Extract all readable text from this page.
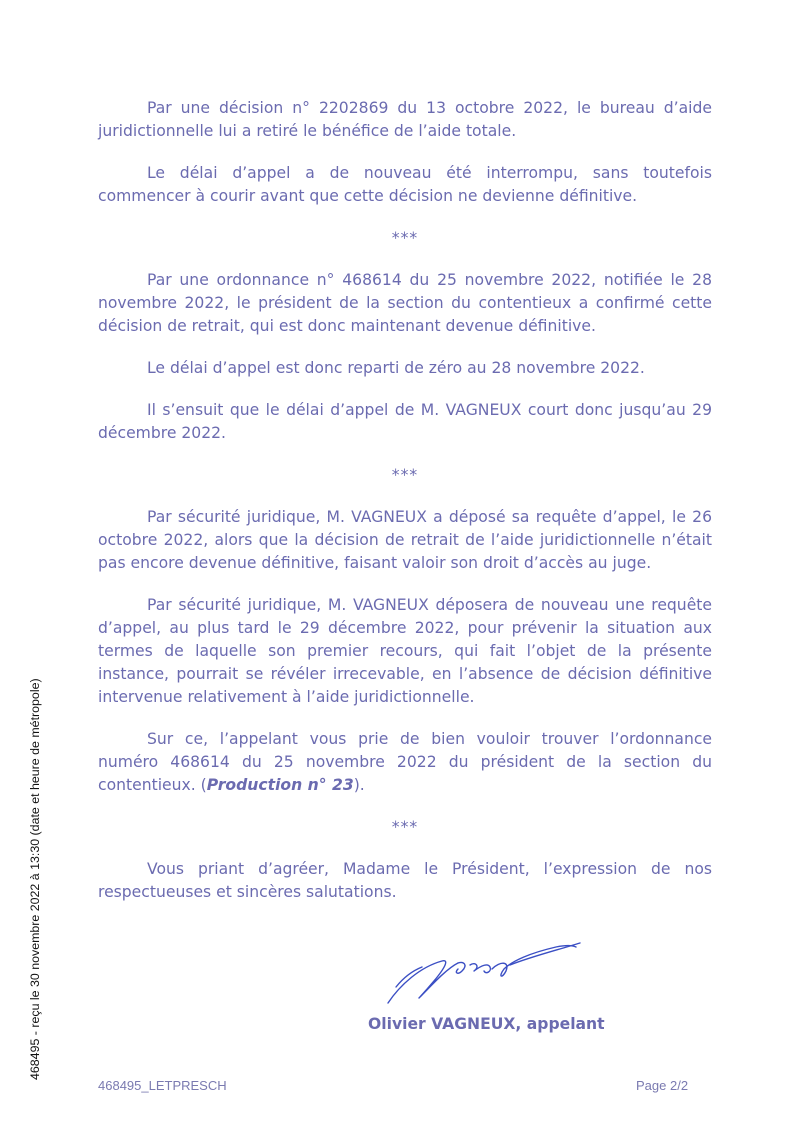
Par une décision n° 2202869 du 13 octobre 2022, le bureau d’aide juridictionnelle lui a retiré le bénéfice de l’aide totale.

Le délai d’appel a de nouveau été interrompu, sans toutefois commencer à courir avant que cette décision ne devienne définitive.

***

Par une ordonnance n° 468614 du 25 novembre 2022, notifiée le 28 novembre 2022, le président de la section du contentieux a confirmé cette décision de retrait, qui est donc maintenant devenue définitive.

Le délai d’appel est donc reparti de zéro au 28 novembre 2022.

Il s’ensuit que le délai d’appel de M. VAGNEUX court donc jusqu’au 29 décembre 2022.

***

Par sécurité juridique, M. VAGNEUX a déposé sa requête d’appel, le 26 octobre 2022, alors que la décision de retrait de l’aide juridictionnelle n’était pas encore devenue définitive, faisant valoir son droit d’accès au juge.

Par sécurité juridique, M. VAGNEUX déposera de nouveau une requête d’appel, au plus tard le 29 décembre 2022, pour prévenir la situation aux termes de laquelle son premier recours, qui fait l’objet de la présente instance, pourrait se révéler irrecevable, en l’absence de décision définitive intervenue relativement à l’aide juridictionnelle.

Sur ce, l’appelant vous prie de bien vouloir trouver l’ordonnance numéro 468614 du 25 novembre 2022 du président de la section du contentieux. (Production n° 23).

***

Vous priant d’agréer, Madame le Président, l’expression de nos respectueuses et sincères salutations.

Olivier VAGNEUX, appelant
468495 - reçu le 30 novembre 2022 à 13:30 (date et heure de métropole)
468495_LETPRESCH	Page 2/2
